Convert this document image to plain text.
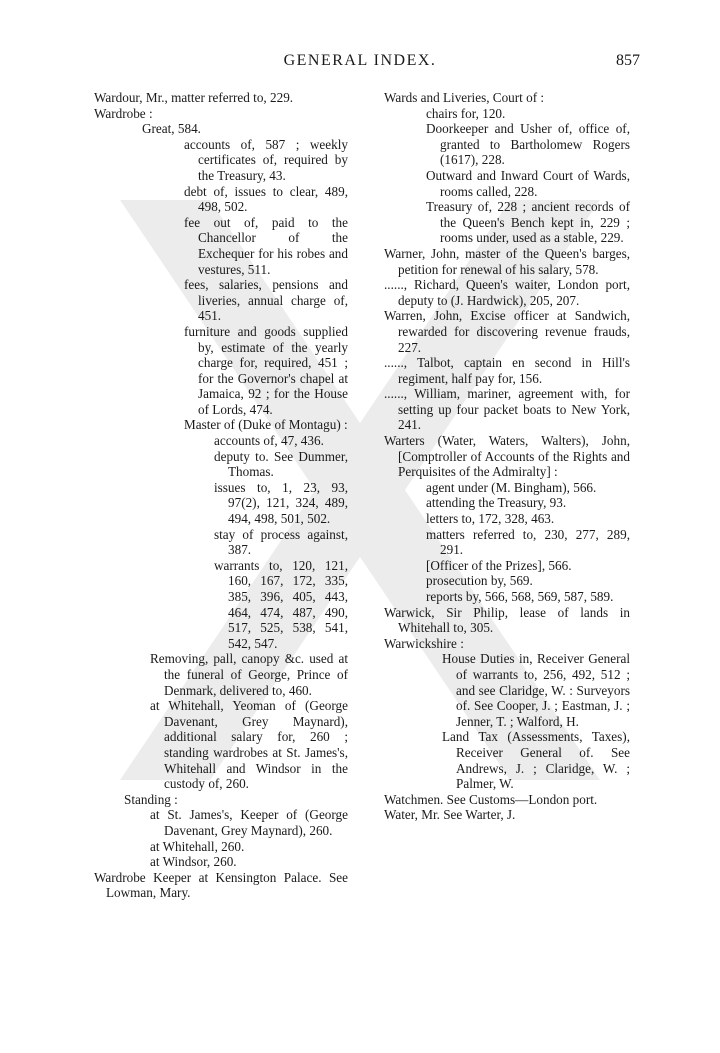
GENERAL INDEX.	857
Wardour, Mr., matter referred to, 229.
Wardrobe :
Great, 584.
accounts of, 587 ; weekly certificates of, required by the Treasury, 43.
debt of, issues to clear, 489, 498, 502.
fee out of, paid to the Chancellor of the Exchequer for his robes and vestures, 511.
fees, salaries, pensions and liveries, annual charge of, 451.
furniture and goods supplied by, estimate of the yearly charge for, required, 451 ; for the Governor's chapel at Jamaica, 92 ; for the House of Lords, 474.
Master of (Duke of Montagu) :
accounts of, 47, 436.
deputy to. See Dummer, Thomas.
issues to, 1, 23, 93, 97(2), 121, 324, 489, 494, 498, 501, 502.
stay of process against, 387.
warrants to, 120, 121, 160, 167, 172, 335, 385, 396, 405, 443, 464, 474, 487, 490, 517, 525, 538, 541, 542, 547.
Removing, pall, canopy &c. used at the funeral of George, Prince of Denmark, delivered to, 460.
at Whitehall, Yeoman of (George Davenant, Grey Maynard), additional salary for, 260 ; standing wardrobes at St. James's, Whitehall and Windsor in the custody of, 260.
Standing :
at St. James's, Keeper of (George Davenant, Grey Maynard), 260.
at Whitehall, 260.
at Windsor, 260.
Wardrobe Keeper at Kensington Palace. See Lowman, Mary.
Wards and Liveries, Court of :
chairs for, 120.
Doorkeeper and Usher of, office of, granted to Bartholomew Rogers (1617), 228.
Outward and Inward Court of Wards, rooms called, 228.
Treasury of, 228 ; ancient records of the Queen's Bench kept in, 229 ; rooms under, used as a stable, 229.
Warner, John, master of the Queen's barges, petition for renewal of his salary, 578.
......, Richard, Queen's waiter, London port, deputy to (J. Hardwick), 205, 207.
Warren, John, Excise officer at Sandwich, rewarded for discovering revenue frauds, 227.
......, Talbot, captain en second in Hill's regiment, half pay for, 156.
......, William, mariner, agreement with, for setting up four packet boats to New York, 241.
Warters (Water, Waters, Walters), John, [Comptroller of Accounts of the Rights and Perquisites of the Admiralty] :
agent under (M. Bingham), 566.
attending the Treasury, 93.
letters to, 172, 328, 463.
matters referred to, 230, 277, 289, 291.
[Officer of the Prizes], 566.
prosecution by, 569.
reports by, 566, 568, 569, 587, 589.
Warwick, Sir Philip, lease of lands in Whitehall to, 305.
Warwickshire :
House Duties in, Receiver General of warrants to, 256, 492, 512 ; and see Claridge, W. : Surveyors of. See Cooper, J. ; Eastman, J. ; Jenner, T. ; Walford, H.
Land Tax (Assessments, Taxes), Receiver General of. See Andrews, J. ; Claridge, W. ; Palmer, W.
Watchmen. See Customs—London port.
Water, Mr. See Warter, J.
